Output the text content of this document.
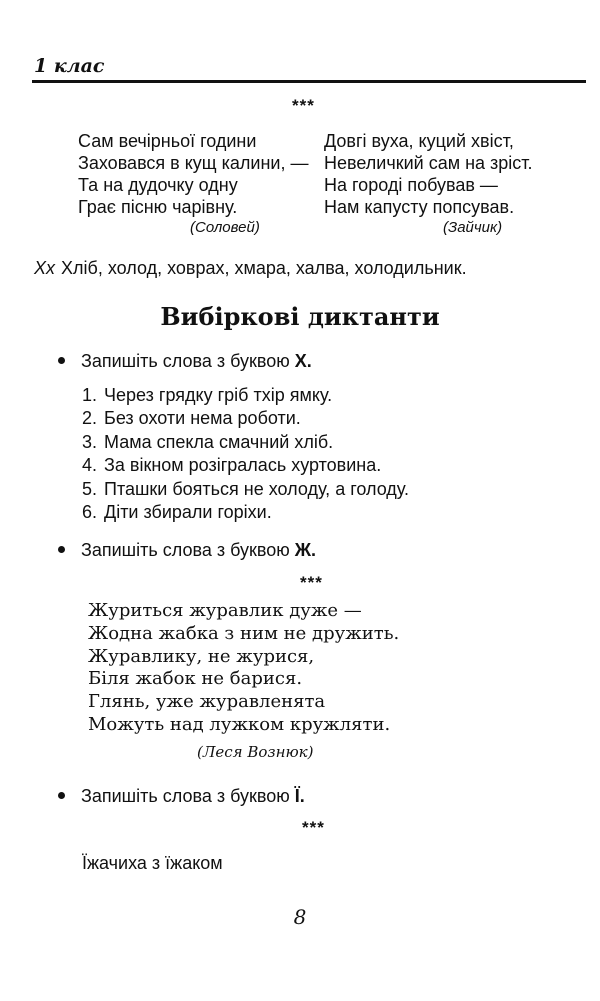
1 клас
***
Сам вечірньої години
Заховався в кущ калини, —
Та на дудочку одну
Грає пісню чарівну.
(Соловей)
Довгі вуха, куций хвіст,
Невеличкий сам на зріст.
На городі побував —
Нам капусту попсував.
(Зайчик)
Хх Хліб, холод, ховрах, хмара, халва, холодильник.
Вибіркові диктанти
Запишіть слова з буквою Х.
1. Через грядку гріб тхір ямку.
2. Без охоти нема роботи.
3. Мама спекла смачний хліб.
4. За вікном розігралась хуртовина.
5. Пташки бояться не холоду, а голоду.
6. Діти збирали горіхи.
Запишіть слова з буквою Ж.
***
Журиться журавлик дуже —
Жодна жабка з ним не дружить.
Журавлику, не журися,
Біля жабок не барися.
Глянь, уже журавленята
Можуть над лужком кружляти.
(Леся Вознюк)
Запишіть слова з буквою Ї.
***
Їжачиха з їжаком
8
